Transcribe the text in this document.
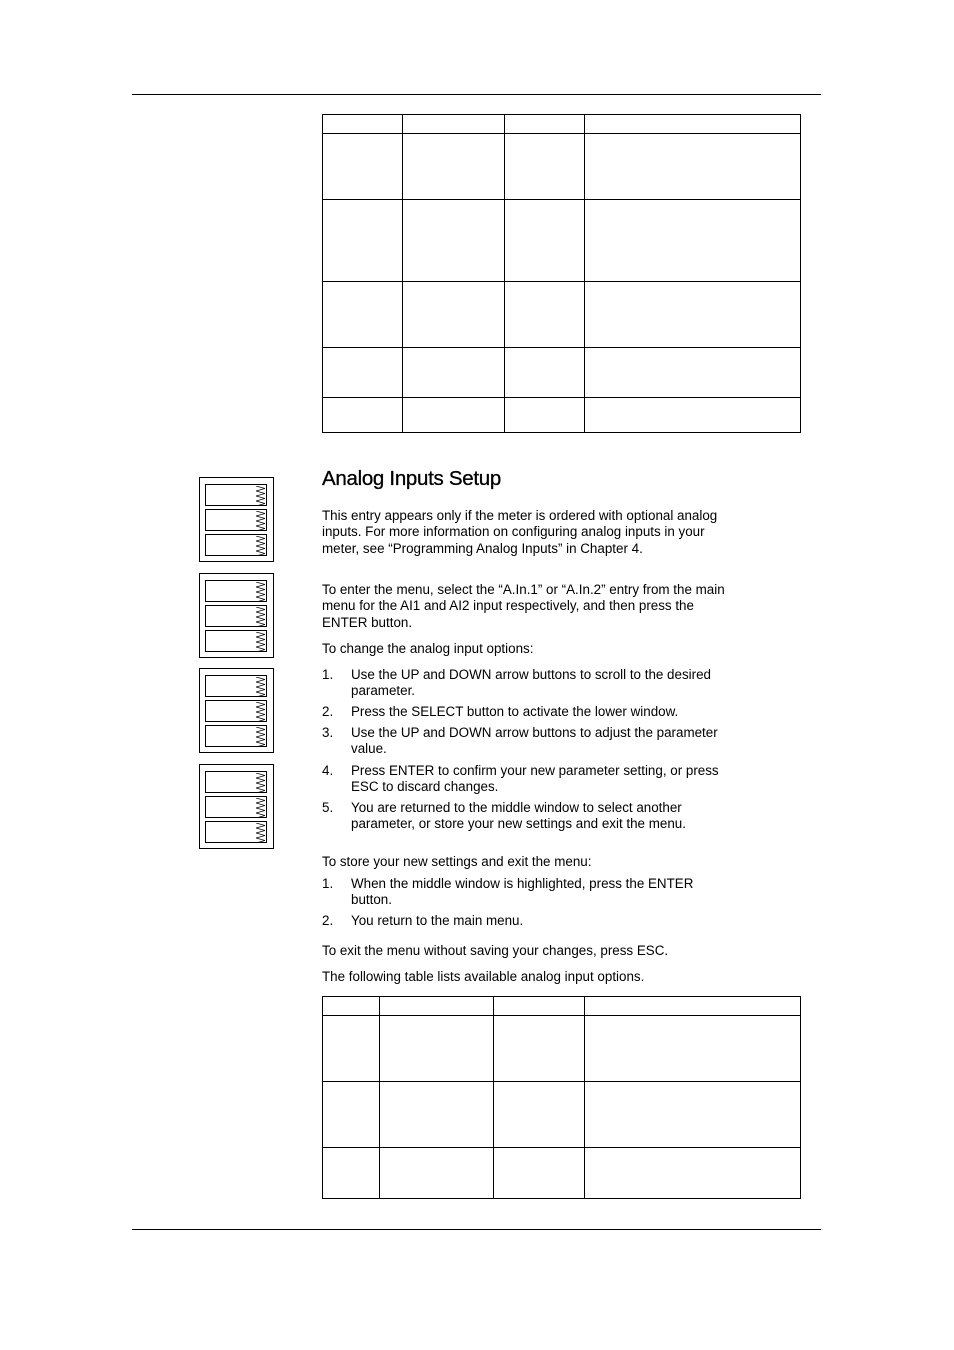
Analog Inputs Setup

This entry appears only if the meter is ordered with optional analog inputs. For more information on configuring analog inputs in your meter, see “Programming Analog Inputs” in Chapter 4.

To enter the menu, select the “A.In.1” or “A.In.2” entry from the main menu for the AI1 and AI2 input respectively, and then press the ENTER button.

To change the analog input options:

1. Use the UP and DOWN arrow buttons to scroll to the desired parameter.
2. Press the SELECT button to activate the lower window.
3. Use the UP and DOWN arrow buttons to adjust the parameter value.
4. Press ENTER to confirm your new parameter setting, or press ESC to discard changes.
5. You are returned to the middle window to select another parameter, or store your new settings and exit the menu.

To store your new settings and exit the menu:

1. When the middle window is highlighted, press the ENTER button.
2. You return to the main menu.

To exit the menu without saving your changes, press ESC.

The following table lists available analog input options.
